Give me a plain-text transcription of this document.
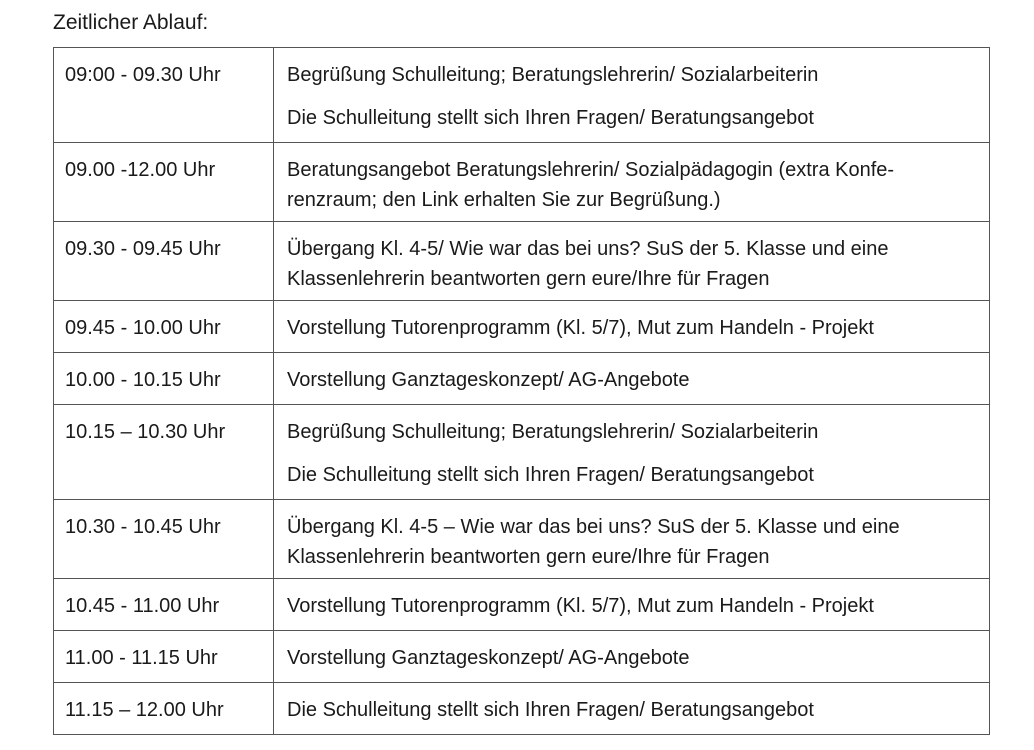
Zeitlicher Ablauf:
09:00 - 09.30 Uhr	Begrüßung Schulleitung; Beratungslehrerin/ Sozialarbeiterin
Die Schulleitung stellt sich Ihren Fragen/ Beratungsangebot

09.00 -12.00 Uhr	Beratungsangebot Beratungslehrerin/ Sozialpädagogin (extra Konfe-renzraum; den Link erhalten Sie zur Begrüßung.)

09.30 - 09.45 Uhr	Übergang Kl. 4-5/ Wie war das bei uns? SuS der 5. Klasse und eine Klassenlehrerin beantworten gern eure/Ihre für Fragen

09.45 - 10.00 Uhr	Vorstellung Tutorenprogramm (Kl. 5/7), Mut zum Handeln - Projekt

10.00 - 10.15 Uhr	Vorstellung Ganztageskonzept/ AG-Angebote

10.15 – 10.30 Uhr	Begrüßung Schulleitung; Beratungslehrerin/ Sozialarbeiterin
Die Schulleitung stellt sich Ihren Fragen/ Beratungsangebot

10.30 - 10.45 Uhr	Übergang Kl. 4-5 – Wie war das bei uns? SuS der 5. Klasse und eine Klassenlehrerin beantworten gern eure/Ihre für Fragen

10.45 - 11.00 Uhr	Vorstellung Tutorenprogramm (Kl. 5/7), Mut zum Handeln - Projekt

11.00 - 11.15 Uhr	Vorstellung Ganztageskonzept/ AG-Angebote

11.15 – 12.00 Uhr	Die Schulleitung stellt sich Ihren Fragen/ Beratungsangebot
